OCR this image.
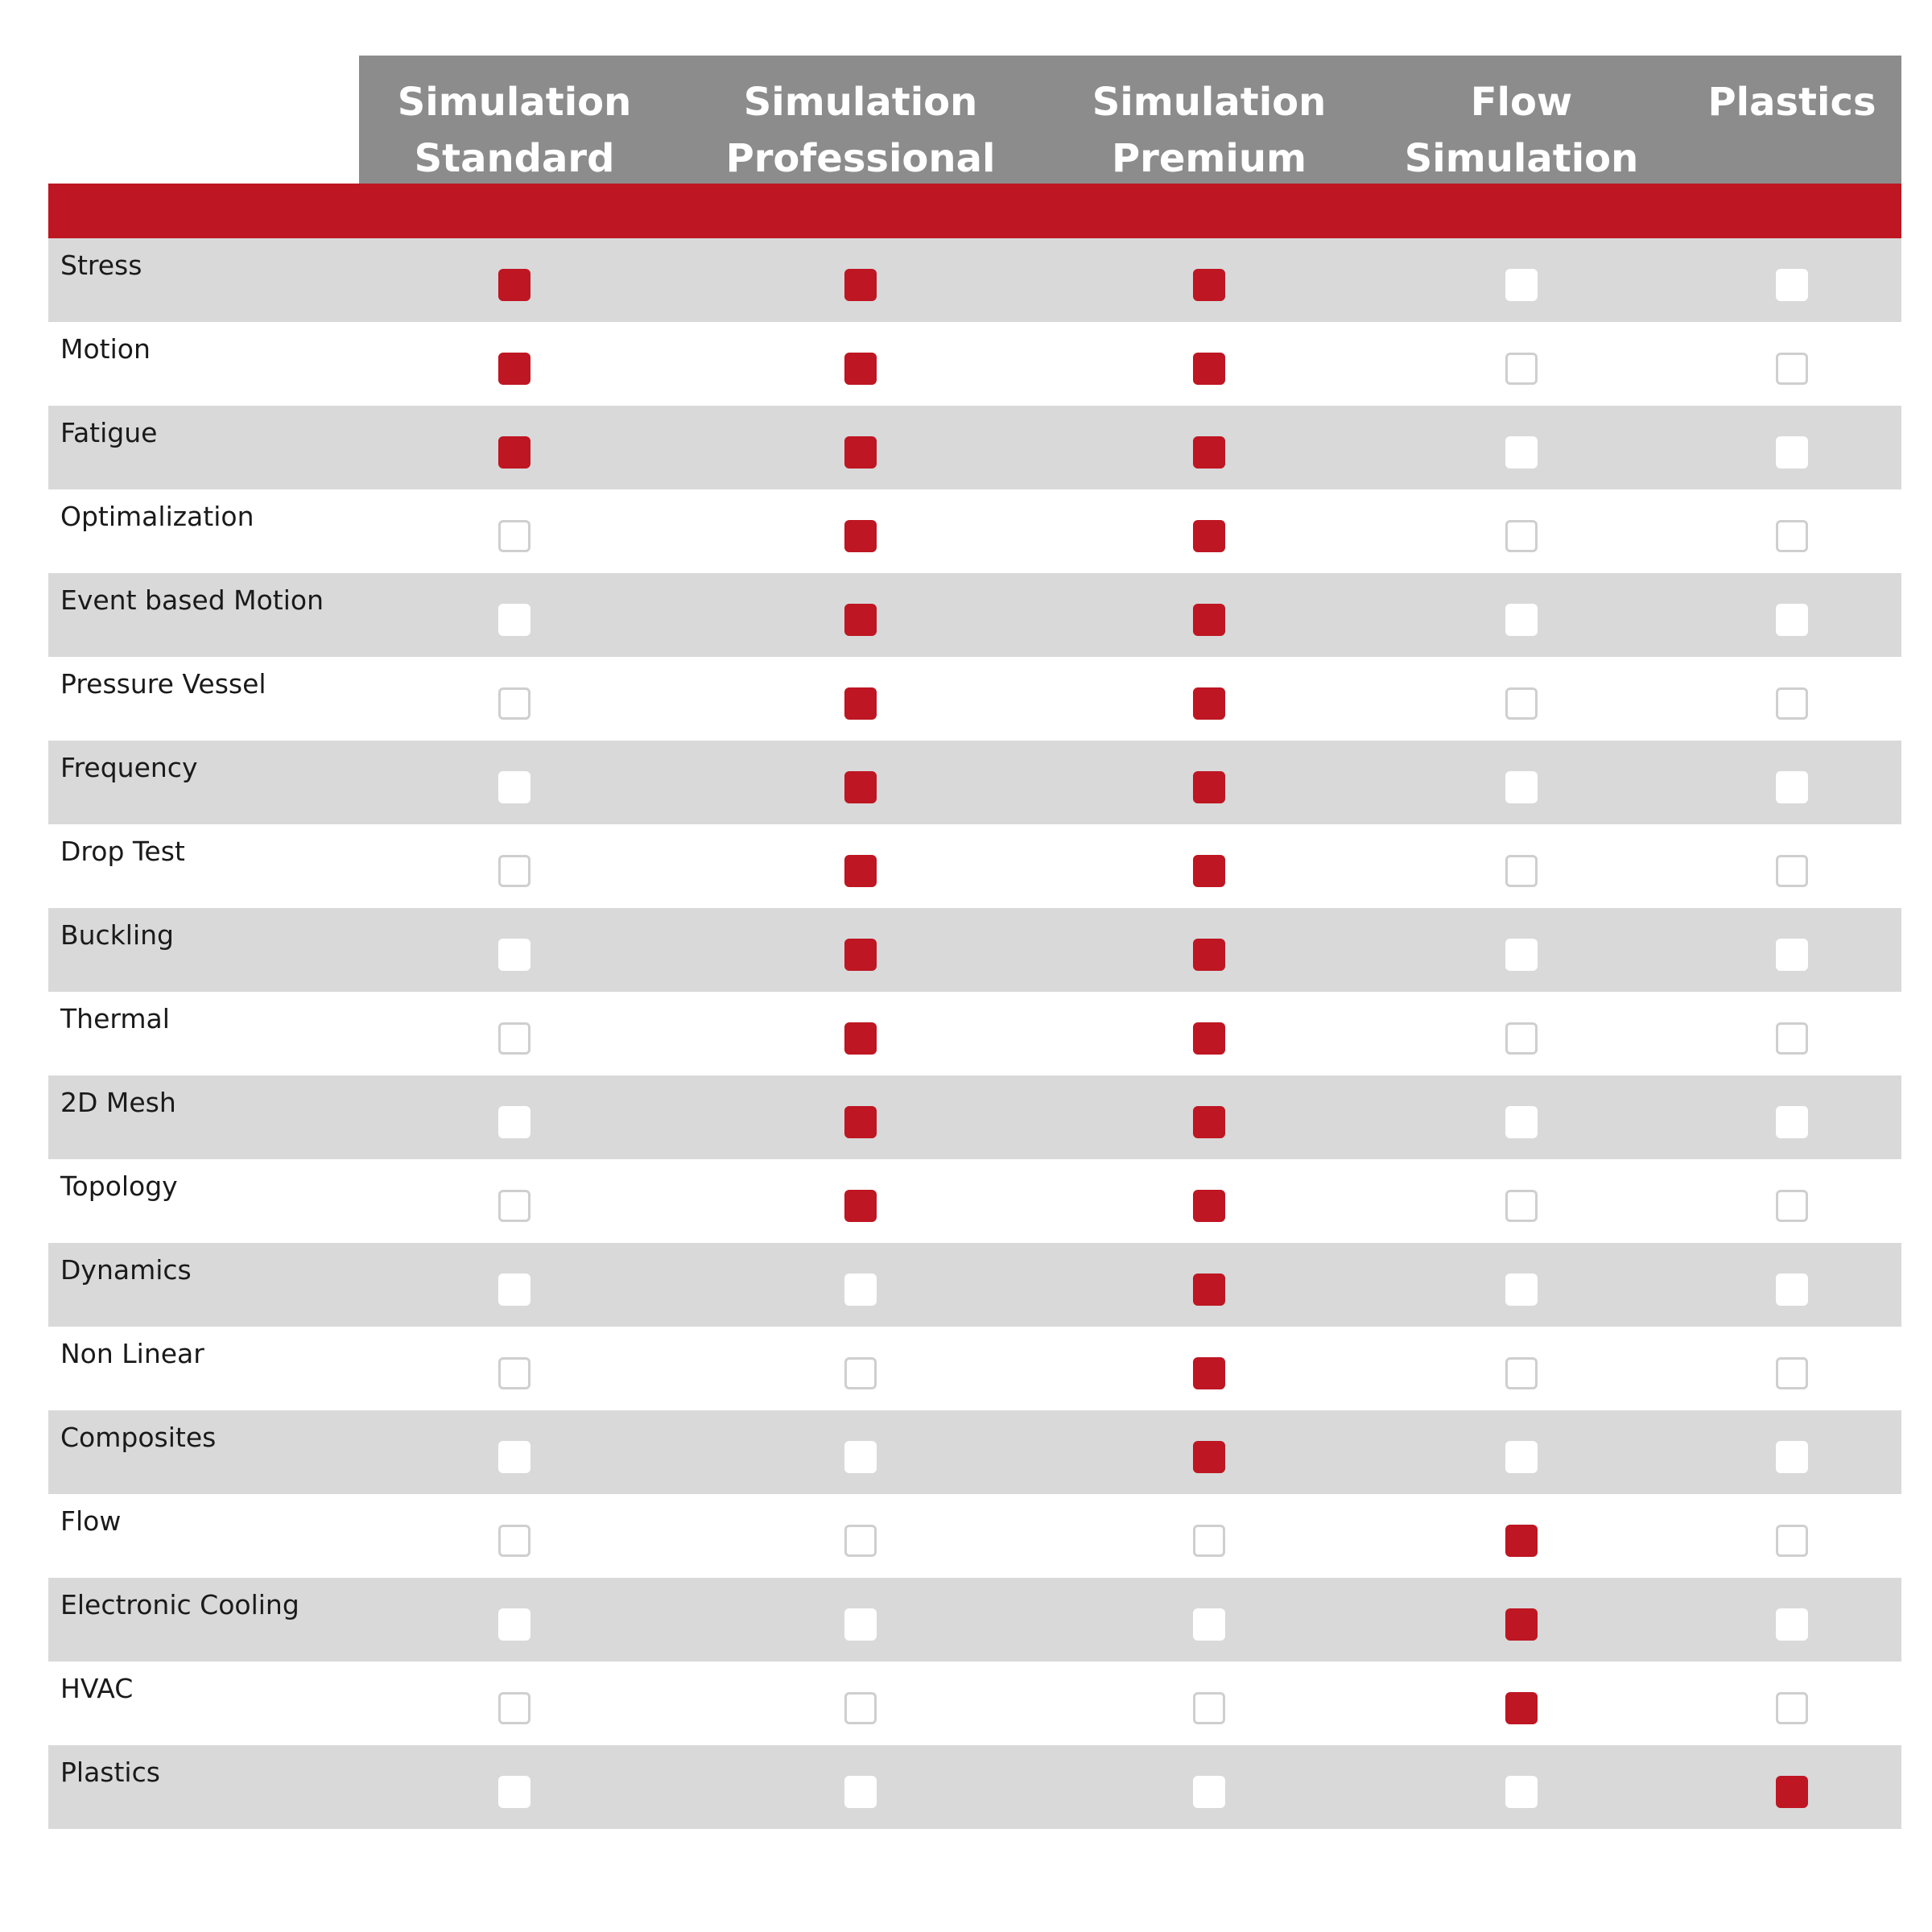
Simulation
Standard
Simulation
Professional
Simulation
Premium
Flow
Simulation
Plastics
Stress
Motion
Fatigue
Optimalization
Event based Motion
Pressure Vessel
Frequency
Drop Test
Buckling
Thermal
2D Mesh
Topology
Dynamics
Non Linear
Composites
Flow
Electronic Cooling
HVAC
Plastics
